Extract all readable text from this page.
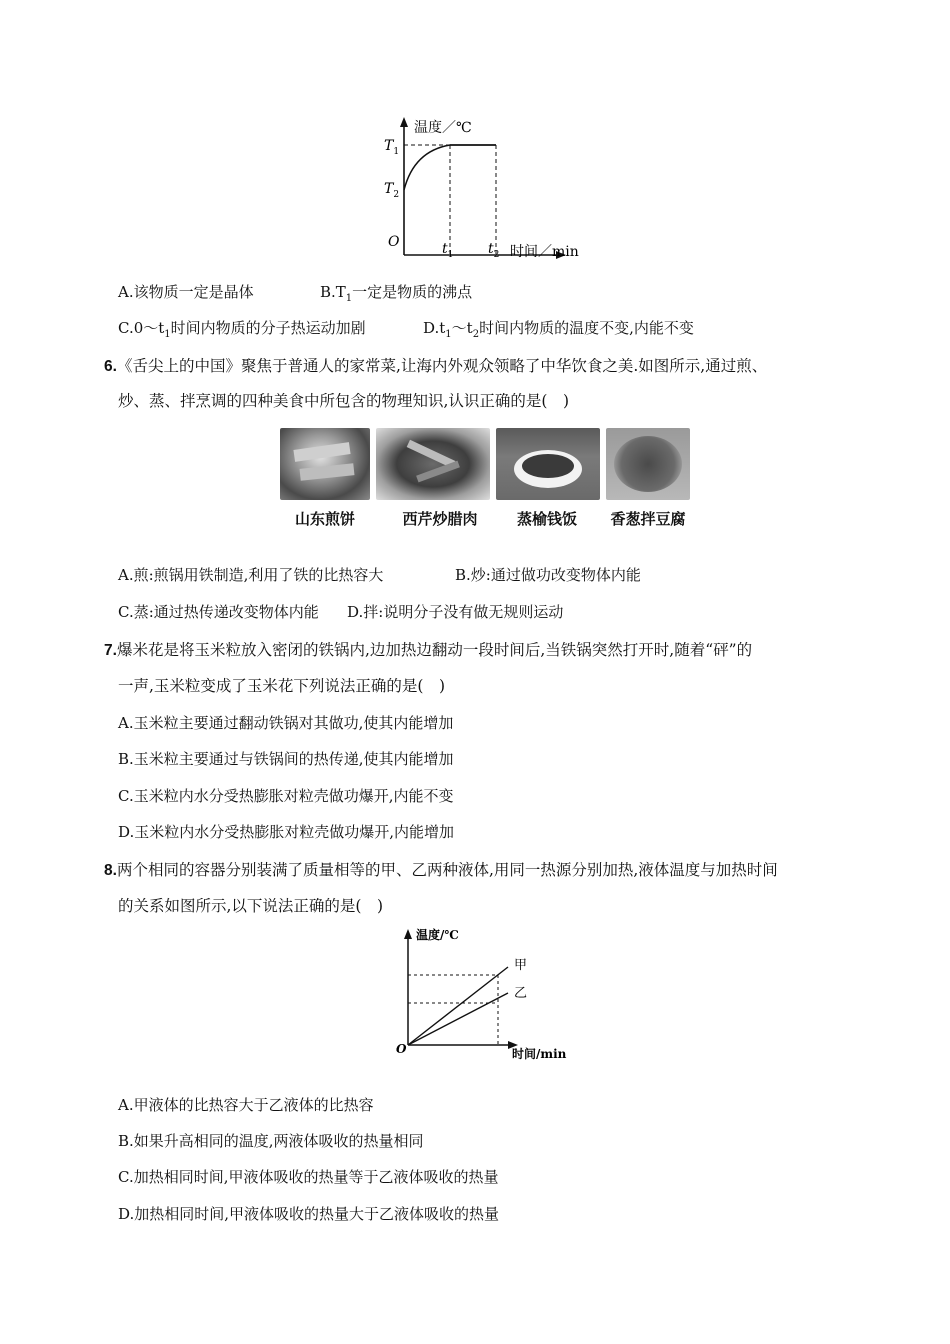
温度／℃
时间／min
O
$T_1$
$T_2$
$t_1$ $t_2$
A.该物质一定是晶体	$B.T_1$一定是物质的沸点
$C.0\sim t_1$时间内物质的分子热运动加剧	$D.t_1\sim t_2$时间内物质的温度不变,内能不变
6.《舌尖上的中国》聚焦于普通人的家常菜,让海内外观众领略了中华饮食之美.如图所示,通过煎、
炒、蒸、拌烹调的四种美食中所包含的物理知识,认识正确的是(　)
山东煎饼	西芹炒腊肉	蒸榆钱饭	香葱拌豆腐
A.煎:煎锅用铁制造,利用了铁的比热容大	B.炒:通过做功改变物体内能
C.蒸:通过热传递改变物体内能 D.拌:说明分子没有做无规则运动
7.爆米花是将玉米粒放入密闭的铁锅内,边加热边翻动一段时间后,当铁锅突然打开时,随着“砰”的
一声,玉米粒变成了玉米花下列说法正确的是(　)
A.玉米粒主要通过翻动铁锅对其做功,使其内能增加
B.玉米粒主要通过与铁锅间的热传递,使其内能增加
C.玉米粒内水分受热膨胀对粒壳做功爆开,内能不变
D.玉米粒内水分受热膨胀对粒壳做功爆开,内能增加
8.两个相同的容器分别装满了质量相等的甲、乙两种液体,用同一热源分别加热,液体温度与加热时间
的关系如图所示,以下说法正确的是(　)
温度/℃
时间/min
O
甲
乙
A.甲液体的比热容大于乙液体的比热容
B.如果升高相同的温度,两液体吸收的热量相同
C.加热相同时间,甲液体吸收的热量等于乙液体吸收的热量
D.加热相同时间,甲液体吸收的热量大于乙液体吸收的热量
